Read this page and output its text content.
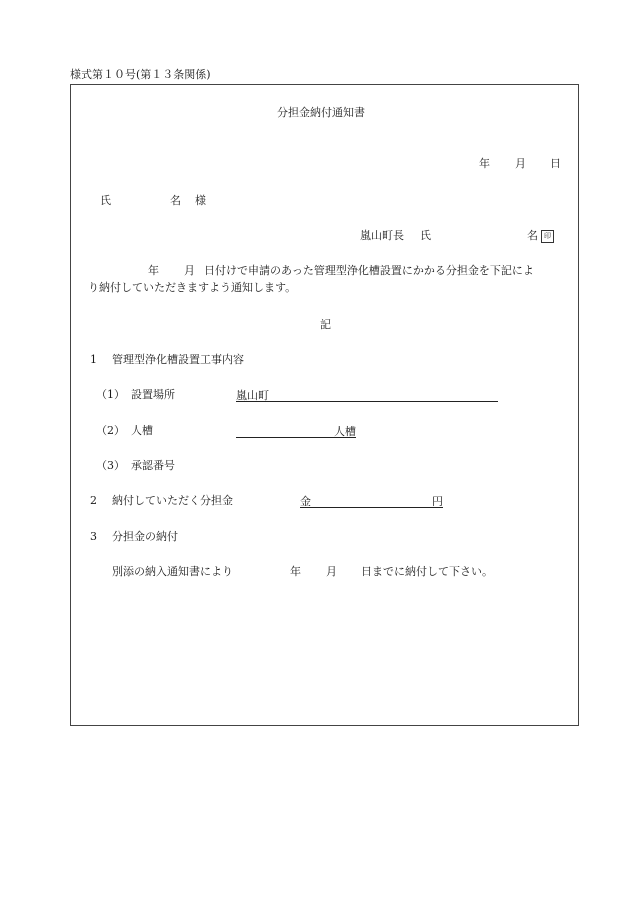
様式第１０号(第１３条関係)
分担金納付通知書
年 月 日
氏	名 様
嵐山町長 氏	名 印
年 月 日付けで申請のあった管理型浄化槽設置にかかる分担金を下記によ
り納付していただきますよう通知します。
記
1 管理型浄化槽設置工事内容
（1） 設置場所	嵐山町
（2） 人槽	人槽
（3） 承認番号
2 納付していただく分担金	金	円
3 分担金の納付
別添の納入通知書により	年 月 日までに納付して下さい。
